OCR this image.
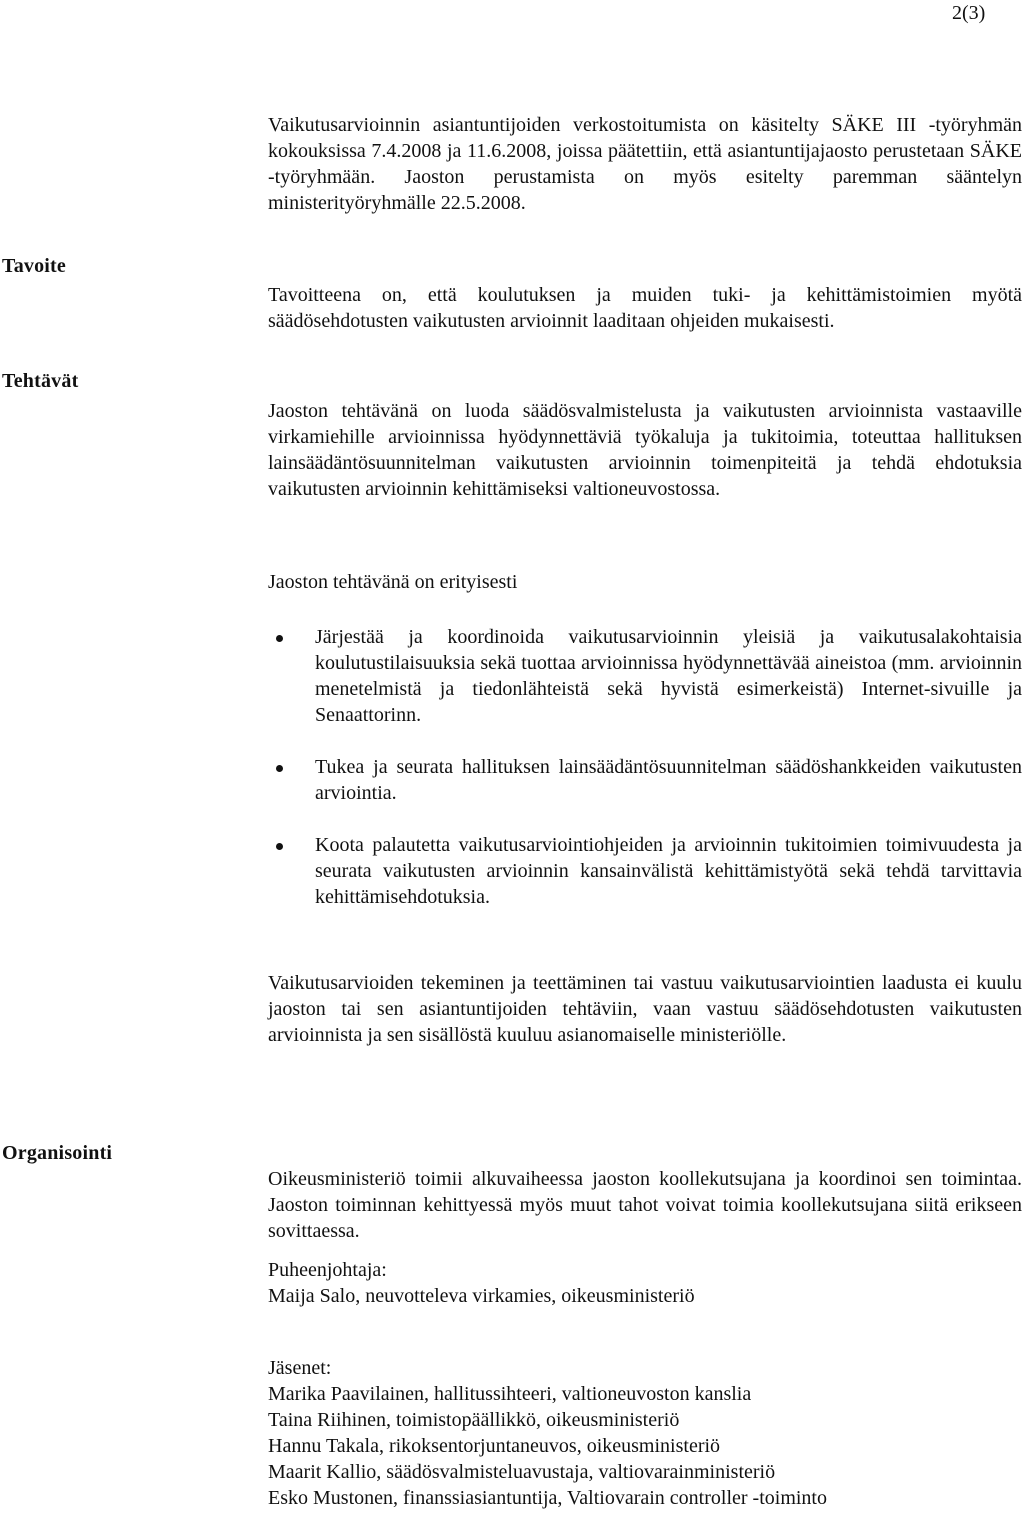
2(3)

Vaikutusarvioinnin asiantuntijoiden verkostoitumista on käsitelty SÄKE III -työryhmän kokouksissa 7.4.2008 ja 11.6.2008, joissa päätettiin, että asiantuntijajaosto perustetaan SÄKE -työryhmään. Jaoston perustamista on myös esitelty paremman sääntelyn ministerityöryhmälle 22.5.2008.

Tavoite

Tavoitteena on, että koulutuksen ja muiden tuki- ja kehittämistoimien myötä säädösehdotusten vaikutusten arvioinnit laaditaan ohjeiden mukaisesti.

Tehtävät

Jaoston tehtävänä on luoda säädösvalmistelusta ja vaikutusten arvioinnista vastaaville virkamiehille arvioinnissa hyödynnettäviä työkaluja ja tukitoimia, toteuttaa hallituksen lainsäädäntösuunnitelman vaikutusten arvioinnin toimenpiteitä ja tehdä ehdotuksia vaikutusten arvioinnin kehittämiseksi valtioneuvostossa.

Jaoston tehtävänä on erityisesti

Järjestää ja koordinoida vaikutusarvioinnin yleisiä ja vaikutusalakohtaisia koulutustilaisuuksia sekä tuottaa arvioinnissa hyödynnettävää aineistoa (mm. arvioinnin menetelmistä ja tiedonlähteistä sekä hyvistä esimerkeistä) Internet-sivuille ja Senaattorinn.
Tukea ja seurata hallituksen lainsäädäntösuunnitelman säädöshankkeiden vaikutusten arviointia.
Koota palautetta vaikutusarviointiohjeiden ja arvioinnin tukitoimien toimivuudesta ja seurata vaikutusten arvioinnin kansainvälistä kehittämistyötä sekä tehdä tarvittavia kehittämisehdotuksia.

Vaikutusarvioiden tekeminen ja teettäminen tai vastuu vaikutusarviointien laadusta ei kuulu jaoston tai sen asiantuntijoiden tehtäviin, vaan vastuu säädösehdotusten vaikutusten arvioinnista ja sen sisällöstä kuuluu asianomaiselle ministeriölle.

Organisointi

Oikeusministeriö toimii alkuvaiheessa jaoston koollekutsujana ja koordinoi sen toimintaa. Jaoston toiminnan kehittyessä myös muut tahot voivat toimia koollekutsujana siitä erikseen sovittaessa.

Puheenjohtaja:
Maija Salo, neuvotteleva virkamies, oikeusministeriö
Jäsenet:
Marika Paavilainen, hallitussihteeri, valtioneuvoston kanslia
Taina Riihinen, toimistopäällikkö, oikeusministeriö
Hannu Takala, rikoksentorjuntaneuvos, oikeusministeriö
Maarit Kallio, säädösvalmisteluavustaja, valtiovarainministeriö
Esko Mustonen, finanssiasiantuntija, Valtiovarain controller -toiminto
